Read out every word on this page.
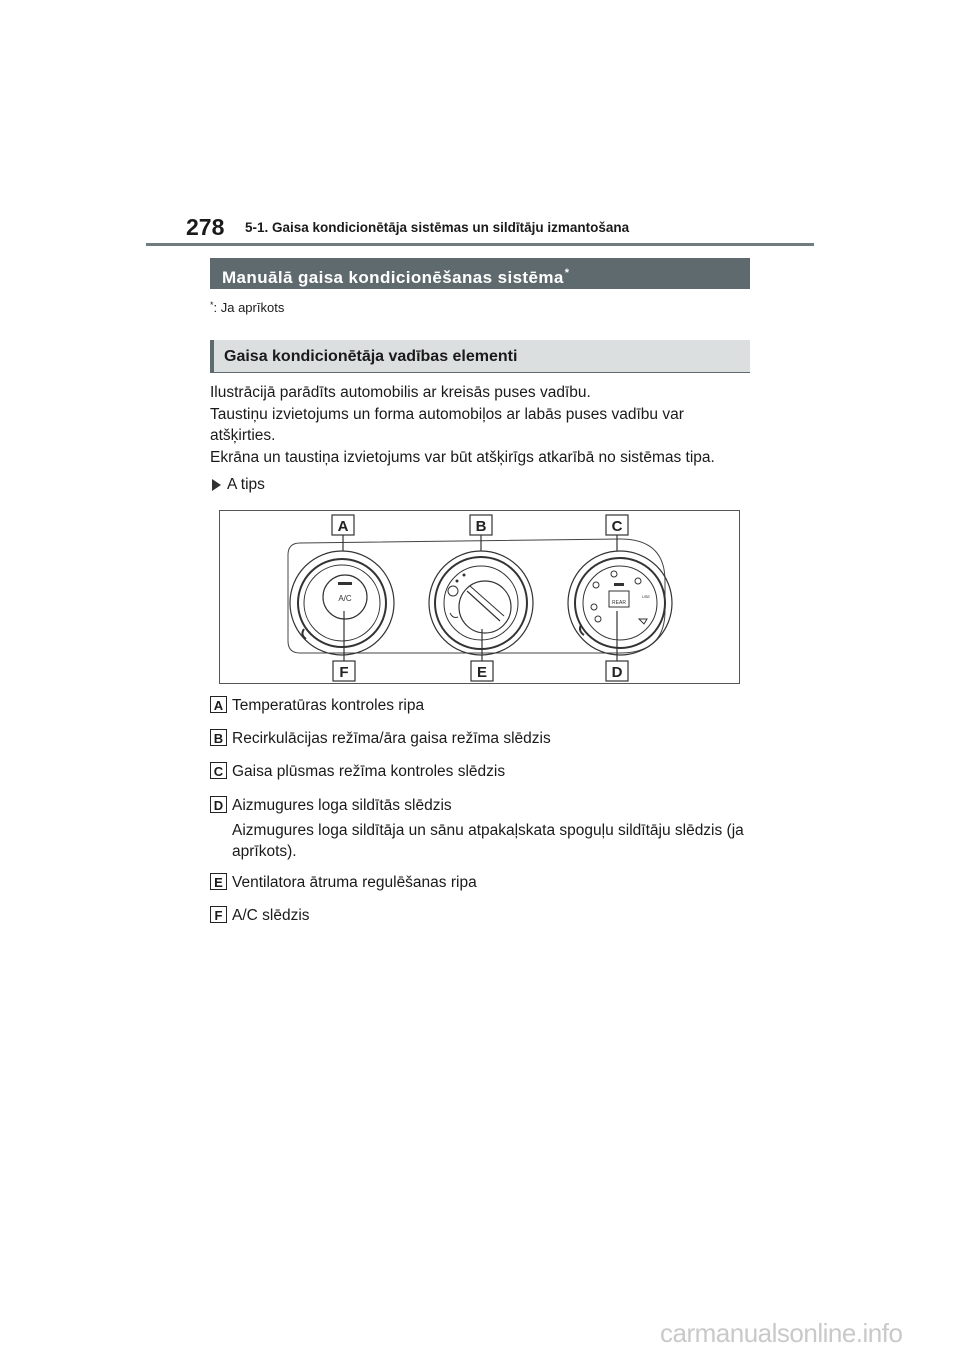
278 5-1. Gaisa kondicionētāja sistēmas un sildītāju izmantošana
Manuālā gaisa kondicionēšanas sistēma*
*: Ja aprīkots
Gaisa kondicionētāja vadības elementi
Ilustrācijā parādīts automobilis ar kreisās puses vadību.
Taustiņu izvietojums un forma automobiļos ar labās puses vadību var atšķirties.
Ekrāna un taustiņa izvietojums var būt atšķirīgs atkarībā no sistēmas tipa.
A tips
A/C	REAR
USE
A	B	C
F	E	D
A Temperatūras kontroles ripa
B Recirkulācijas režīma/āra gaisa režīma slēdzis
C Gaisa plūsmas režīma kontroles slēdzis
D Aizmugures loga sildītās slēdzis
Aizmugures loga sildītāja un sānu atpakaļskata spoguļu sildītāju slēdzis (ja aprīkots).
E Ventilatora ātruma regulēšanas ripa
F A/C slēdzis
carmanualsonline.info
